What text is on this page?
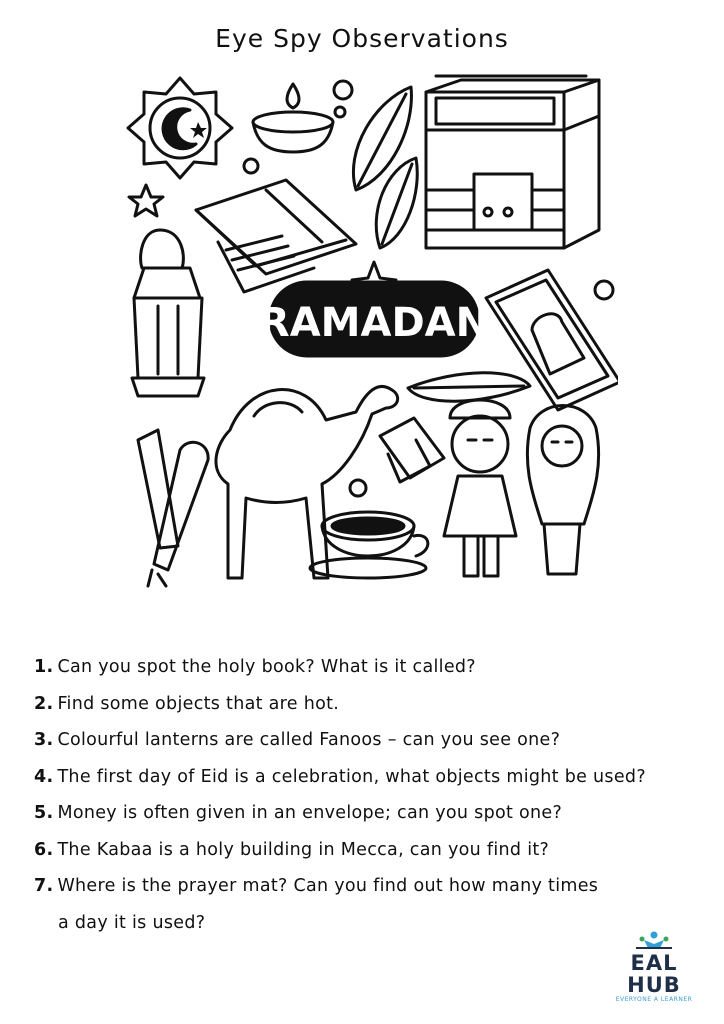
Eye Spy Observations
RAMADAN
1. Can you spot the holy book? What is it called?
2. Find some objects that are hot.
3. Colourful lanterns are called Fanoos – can you see one?
4. The first day of Eid is a celebration, what objects might be used?
5. Money is often given in an envelope; can you spot one?
6. The Kabaa is a holy building in Mecca, can you find it?
7. Where is the prayer mat? Can you find out how many times
a day it is used?
EAL HUB
EVERYONE A LEARNER
